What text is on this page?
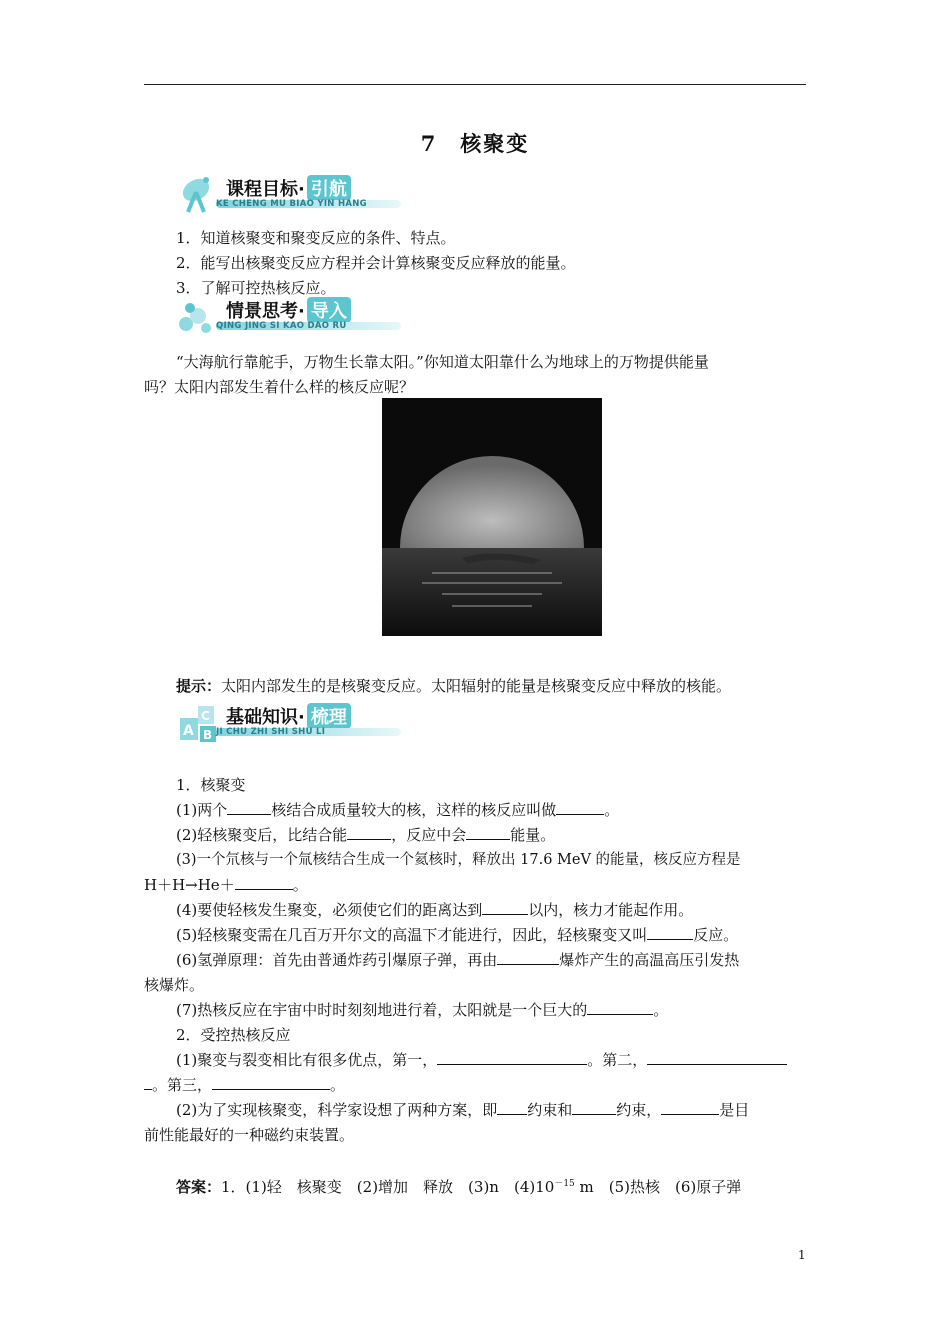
7　核聚变
课程目标· 引航
KE CHENG MU BIAO YIN HANG
1．知道核聚变和聚变反应的条件、特点。
2．能写出核聚变反应方程并会计算核聚变反应释放的能量。
3．了解可控热核反应。
情景思考· 导入
QING JING SI KAO DAO RU
“大海航行靠舵手，万物生长靠太阳。”你知道太阳靠什么为地球上的万物提供能量
吗？太阳内部发生着什么样的核反应呢？
提示：太阳内部发生的是核聚变反应。太阳辐射的能量是核聚变反应中释放的核能。
A
C
B
基础知识· 梳理
JI CHU ZHI SHI SHU LI
1．核聚变
(1)两个	核结合成质量较大的核，这样的核反应叫做	。
(2)轻核聚变后，比结合能	，反应中会	能量。
(3)一个氘核与一个氚核结合生成一个氦核时，释放出 17.6 MeV 的能量，核反应方程是
H＋H→He＋	。
(4)要使轻核发生聚变，必须使它们的距离达到	以内，核力才能起作用。
(5)轻核聚变需在几百万开尔文的高温下才能进行，因此，轻核聚变又叫	反应。
(6)氢弹原理：首先由普通炸药引爆原子弹，再由	爆炸产生的高温高压引发热
核爆炸。
(7)热核反应在宇宙中时时刻刻地进行着，太阳就是一个巨大的	。
2．受控热核反应
(1)聚变与裂变相比有很多优点，第一，	。第二，
。第三，	。
(2)为了实现核聚变，科学家设想了两种方案，即 约束和	约束，	是目
前性能最好的一种磁约束装置。
答案：1．(1)轻　核聚变　(2)增加　释放　(3)n　$(4)10^{-15}$ m　(5)热核　(6)原子弹
1
